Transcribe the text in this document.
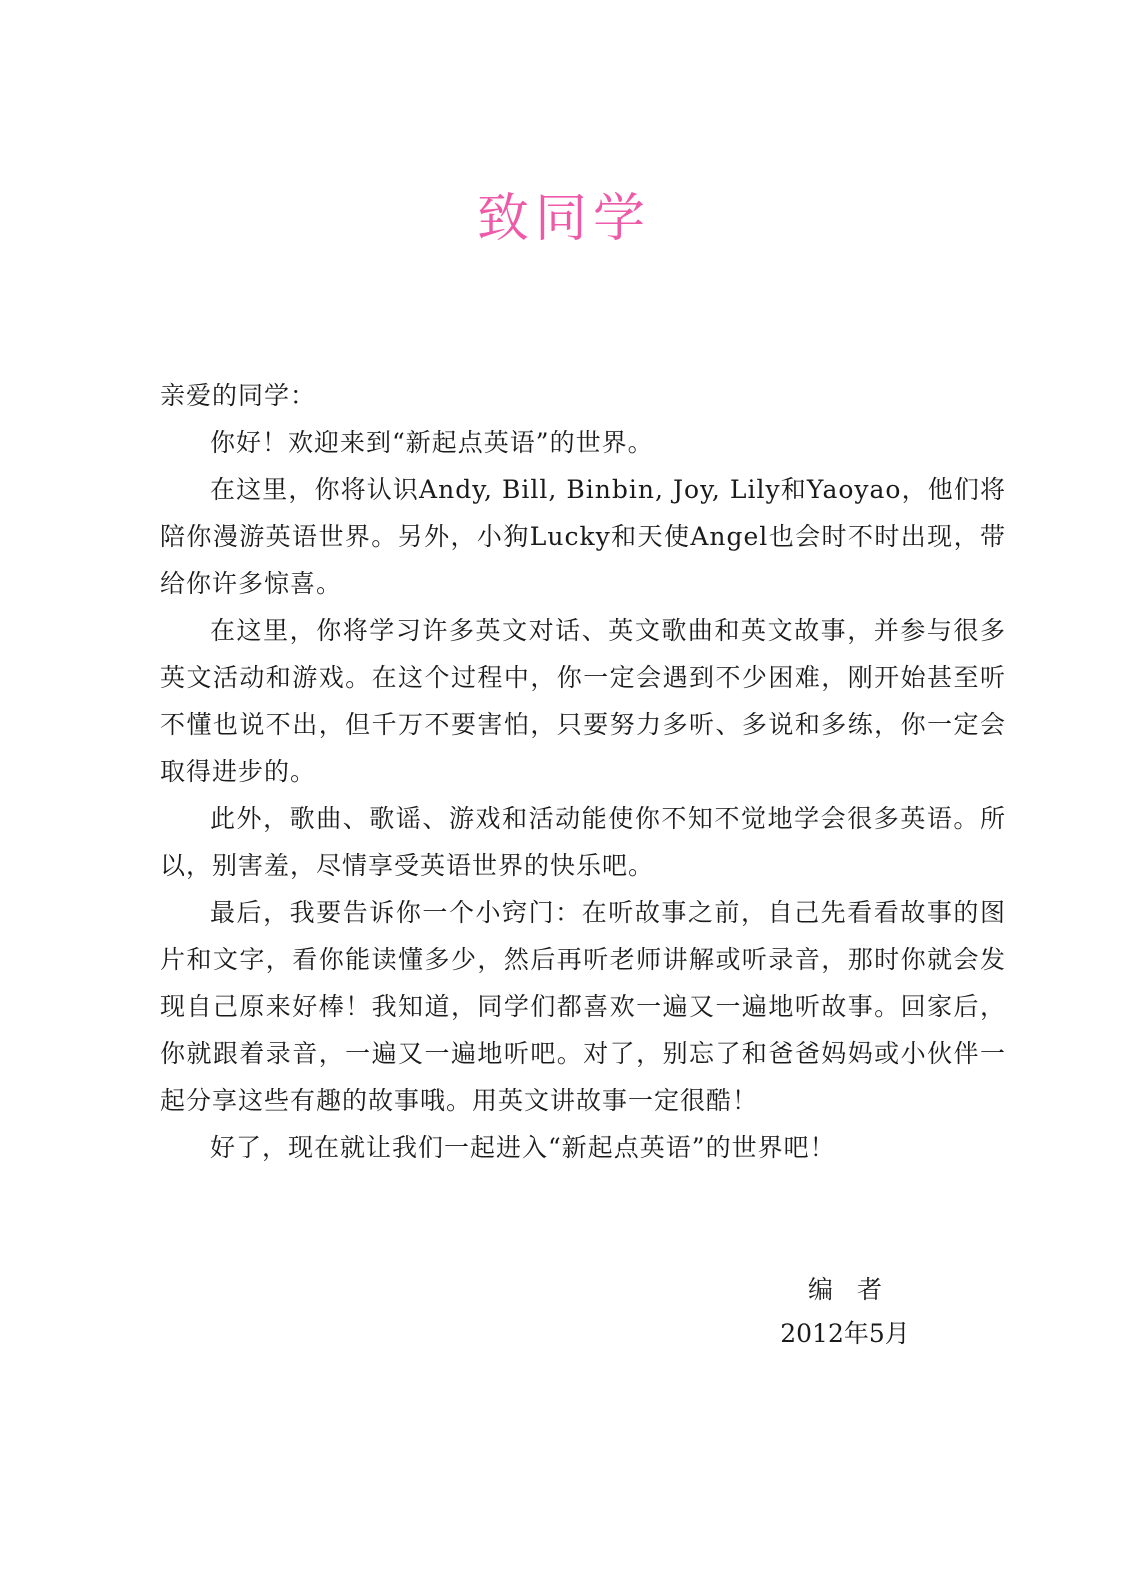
致同学

亲爱的同学：

你好！欢迎来到“新起点英语”的世界。

在这里，你将认识Andy, Bill, Binbin, Joy, Lily和Yaoyao，他们将陪你漫游英语世界。另外，小狗Lucky和天使Angel也会时不时出现，带给你许多惊喜。

在这里，你将学习许多英文对话、英文歌曲和英文故事，并参与很多英文活动和游戏。在这个过程中，你一定会遇到不少困难，刚开始甚至听不懂也说不出，但千万不要害怕，只要努力多听、多说和多练，你一定会取得进步的。

此外，歌曲、歌谣、游戏和活动能使你不知不觉地学会很多英语。所以，别害羞，尽情享受英语世界的快乐吧。

最后，我要告诉你一个小窍门：在听故事之前，自己先看看故事的图片和文字，看你能读懂多少，然后再听老师讲解或听录音，那时你就会发现自己原来好棒！我知道，同学们都喜欢一遍又一遍地听故事。回家后，你就跟着录音，一遍又一遍地听吧。对了，别忘了和爸爸妈妈或小伙伴一起分享这些有趣的故事哦。用英文讲故事一定很酷！

好了，现在就让我们一起进入“新起点英语”的世界吧！

编者
2012年5月
